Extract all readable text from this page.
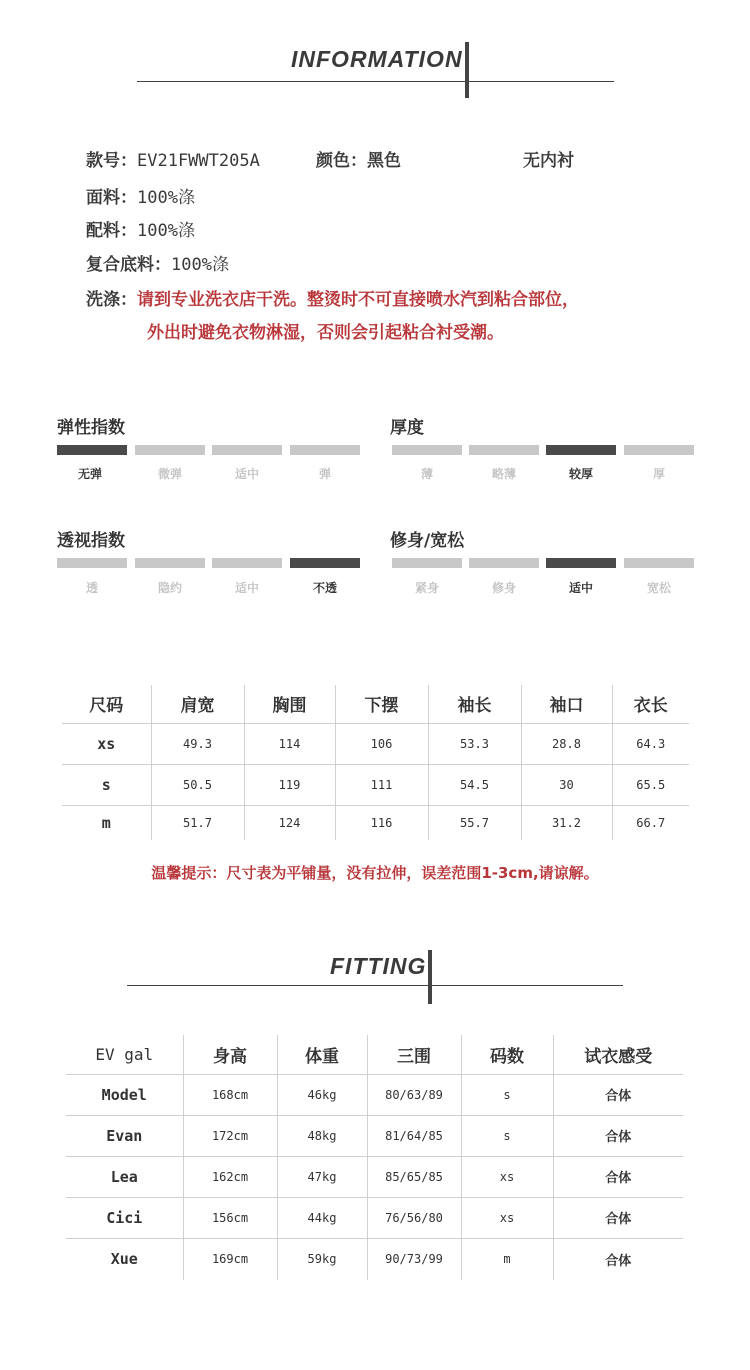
INFORMATION
款号：EV21FWWT205A	颜色：黑色	无内衬
面料：100%涤
配料：100%涤
复合底料：100%涤
洗涤：请到专业洗衣店干洗。整烫时不可直接喷水汽到粘合部位，
外出时避免衣物淋湿，否则会引起粘合衬受潮。
弹性指数
无弹	微弹	适中	弹
厚度
薄	略薄	较厚	厚
透视指数
透	隐约	适中	不透
修身/宽松
紧身	修身	适中	宽松
尺码	肩宽	胸围	下摆	袖长	袖口	衣长
xs	49.3	114	106	53.3	28.8	64.3
s	50.5	119	111	54.5	30	65.5
m	51.7	124	116	55.7	31.2	66.7
温馨提示：尺寸表为平铺量，没有拉伸，误差范围1-3cm,请谅解。
FITTING
EV gal	身高	体重	三围	码数	试衣感受
Model	168cm	46kg	80/63/89	s	合体
Evan	172cm	48kg	81/64/85	s	合体
Lea	162cm	47kg	85/65/85	xs	合体
Cici	156cm	44kg	76/56/80	xs	合体
Xue	169cm	59kg	90/73/99	m	合体
